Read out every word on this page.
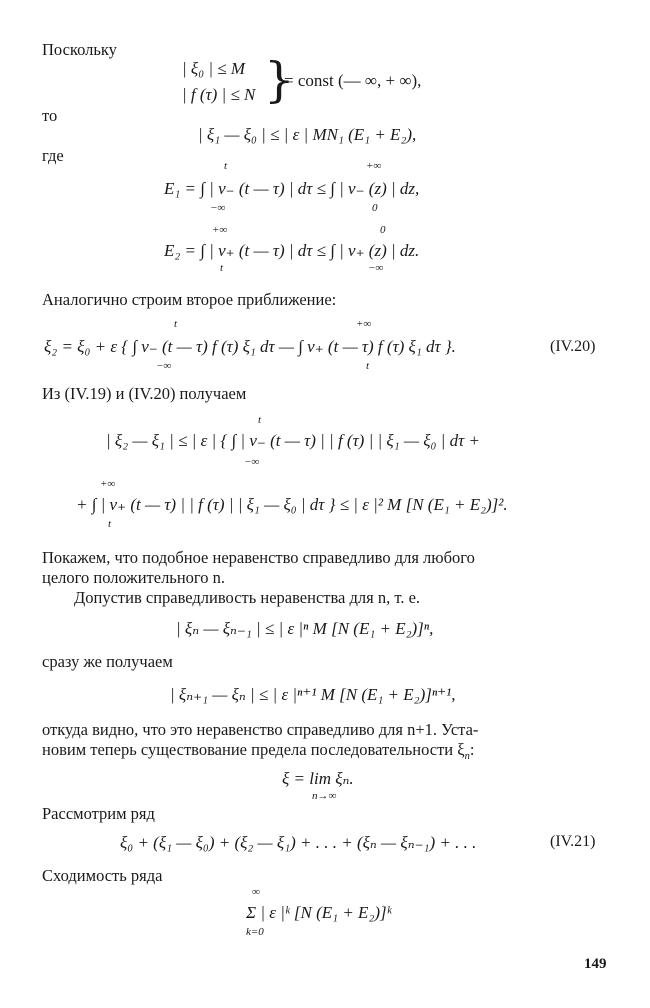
Поскольку
| ξ₀ | ≤ M
| f (τ) | ≤ N }
= const (— ∞, + ∞),
то
| ξ₁ — ξ₀ | ≤ | ε | MN₁ (E₁ + E₂),
где
t
E₁ = ∫ | v₋ (t — τ) | dτ ≤ ∫ | v₋ (z) | dz,
−∞
+∞
0
+∞
E₂ = ∫ | v₊ (t — τ) | dτ ≤ ∫ | v₊ (z) | dz.
t
0
−∞
Аналогично строим второе приближение:
t
ξ₂ = ξ₀ + ε { ∫ v₋ (t — τ) f (τ) ξ₁ dτ — ∫ v₊ (t — τ) f (τ) ξ₁ dτ }.
−∞
+∞
t
(IV.20)
Из (IV.19) и (IV.20) получаем
t
| ξ₂ — ξ₁ | ≤ | ε | { ∫ | v₋ (t — τ) | | f (τ) | | ξ₁ — ξ₀ | dτ +
−∞
+∞
+ ∫ | v₊ (t — τ) | | f (τ) | | ξ₁ — ξ₀ | dτ } ≤ | ε |² M [N (E₁ + E₂)]².
t
Покажем, что подобное неравенство справедливо для любого
целого положительного n.
Допустив справедливость неравенства для n, т. е.
| ξₙ — ξₙ₋₁ | ≤ | ε |ⁿ M [N (E₁ + E₂)]ⁿ,
сразу же получаем
| ξₙ₊₁ — ξₙ | ≤ | ε |ⁿ⁺¹ M [N (E₁ + E₂)]ⁿ⁺¹,
откуда видно, что это неравенство справедливо для n+1. Уста-
новим теперь существование предела последовательности $\xi_n$:
ξ = lim ξₙ.
n→∞
Рассмотрим ряд
ξ₀ + (ξ₁ — ξ₀) + (ξ₂ — ξ₁) + . . . + (ξₙ — ξₙ₋₁) + . . .	(IV.21)
Сходимость ряда
∞
Σ | ε |ᵏ [N (E₁ + E₂)]ᵏ
k=0
149
